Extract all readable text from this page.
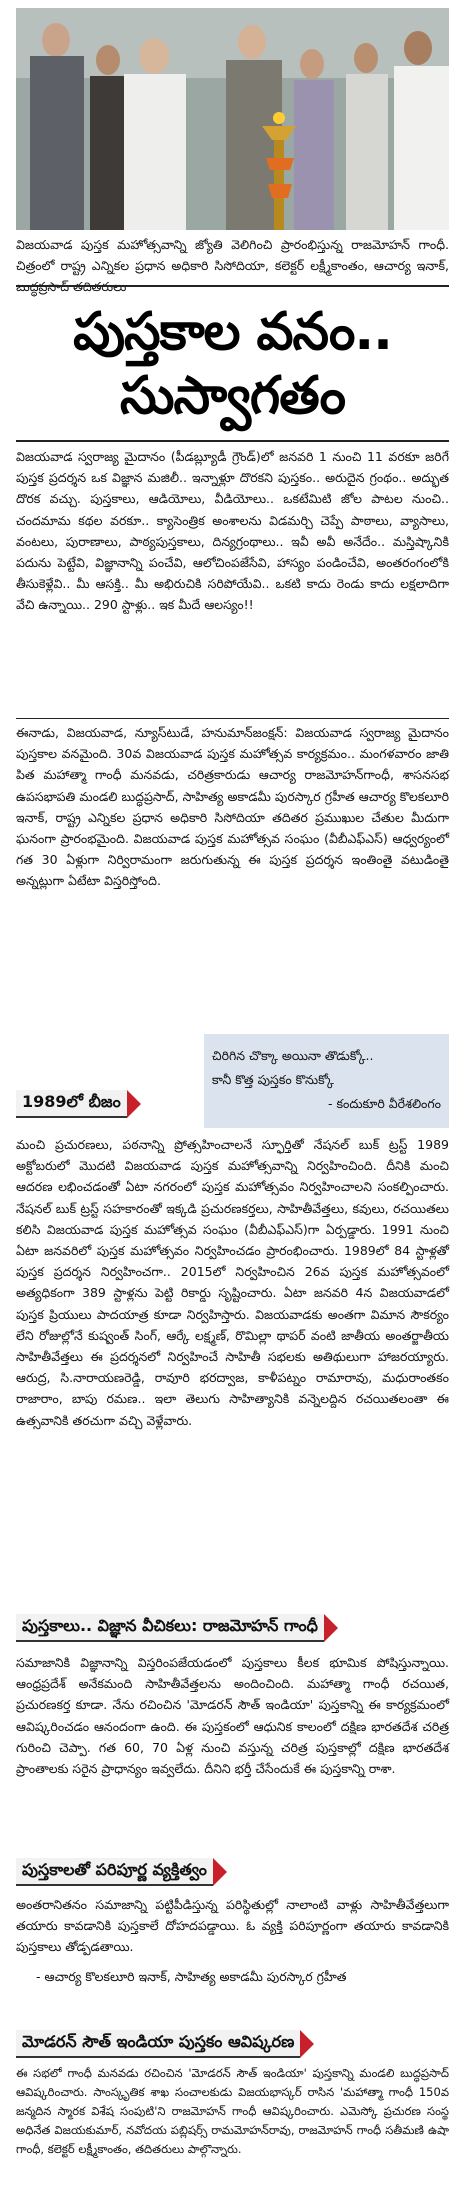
విజయవాడ పుస్తక మహోత్సవాన్ని జ్యోతి వెలిగించి ప్రారంభిస్తున్న రాజమోహన్ గాంధీ. చిత్రంలో రాష్ట్ర ఎన్నికల ప్రధాన అధికారి సిసోదియా, కలెక్టర్ లక్ష్మీకాంతం, ఆచార్య ఇనాక్,
పుస్తకాల వనం..
సుస్వాగతం
విజయవాడ స్వరాజ్య మైదానం (పీడబ్ల్యూడీ గ్రౌండ్)లో జనవరి 1 నుంచి 11 వరకూ జరిగే పుస్తక ప్రదర్శన ఒక విజ్ఞాన మజిలీ.. ఇన్నాళ్లూ దొరకని పుస్తకం.. అరుదైన గ్రంథం.. అద్భుత దొరక వచ్చు. పుస్తకాలు, ఆడియోలు, వీడియోలు.. ఒకటేమిటి జోల పాటల నుంచి.. చందమామ కథల వరకూ.. క్యాసెంత్రిక అంశాలను విడమర్చి చెప్పే పాఠాలు, వ్యాసాలు, వంటలు, పురాణాలు, పాఠ్యపుస్తకాలు, దిన్యగ్రంథాలు.. ఇవీ అవీ అనేదేం.. మస్తిష్కానికి పదును పెట్టేవి, విజ్ఞానాన్ని పంచేవి, ఆలోచింపజేసేవి, హాస్యం పండించేవి, అంతరంగంలోకి తీసుకెళ్లేవి.. మీ ఆసక్తి.. మీ అభిరుచికి సరిపోయేవి.. ఒకటి కాదు రెండు కాదు లక్షలాదిగా వేచి ఉన్నాయి.. 290 స్టాళ్లు.. ఇక మీదే ఆలస్యం!!
ఈనాడు, విజయవాడ, న్యూస్‌టుడే, హనుమాన్‌జంక్షన్: విజయవాడ స్వరాజ్య మైదానం పుస్తకాల వనమైంది. 30వ విజయవాడ పుస్తక మహోత్సవ కార్యక్రమం.. మంగళవారం జాతి పిత మహాత్మా గాంధీ మనవడు, చరిత్రకారుడు ఆచార్య రాజమోహన్‌గాంధీ, శాసనసభ ఉపసభాపతి మండలి బుద్ధప్రసాద్, సాహిత్య అకాడమీ పురస్కార గ్రహీత ఆచార్య కొలకలూరి ఇనాక్, రాష్ట్ర ఎన్నికల ప్రధాన అధికారి సిసోదియా తదితర ప్రముఖుల చేతుల మీదుగా ఘనంగా ప్రారంభమైంది. విజయవాడ పుస్తక మహోత్సవ సంఘం (వీబీఎఫ్ఎస్) ఆధ్వర్యంలో గత 30 ఏళ్లుగా నిర్విరామంగా జరుగుతున్న ఈ పుస్తక ప్రదర్శన ఇంతింతై వటుడింతై అన్నట్లుగా ఏటేటా విస్తరిస్తోంది.
చిరిగిన చొక్కా అయినా తొడుక్కో..
కానీ కొత్త పుస్తకం కొనుక్కో
- కందుకూరి వీరేశలింగం
1989లో బీజం
మంచి ప్రచురణలు, పఠనాన్ని ప్రోత్సహించాలనే స్ఫూర్తితో నేషనల్ బుక్ ట్రస్ట్ 1989 అక్టోబరులో మొదటి విజయవాడ పుస్తక మహోత్సవాన్ని నిర్వహించింది. దీనికి మంచి ఆదరణ లభించడంతో ఏటా నగరంలో పుస్తక మహోత్సవం నిర్వహించాలని సంకల్పించారు. నేషనల్ బుక్ ట్రస్ట్ సహకారంతో ఇక్కడి ప్రచురణకర్తలు, సాహితీవేత్తలు, కవులు, రచయితలు కలిసి విజయవాడ పుస్తక మహోత్సవ సంఘం (వీబీఎఫ్ఎస్)గా ఏర్పడ్డారు. 1991 నుంచి ఏటా జనవరిలో పుస్తక మహోత్సవం నిర్వహించడం ప్రారంభించారు. 1989లో 84 స్టాళ్లతో పుస్తక ప్రదర్శన నిర్వహించగా.. 2015లో నిర్వహించిన 26వ పుస్తక మహోత్సవంలో అత్యధికంగా 389 స్టాళ్లను పెట్టి రికార్డు సృష్టించారు. ఏటా జనవరి 4న విజయవాడలో పుస్తక ప్రియులు పాదయాత్ర కూడా నిర్వహిస్తారు. విజయవాడకు అంతగా విమాన సౌకర్యం లేని రోజుల్లోనే కుష్వంత్ సింగ్, ఆర్కే లక్ష్మణ్, రొమిల్లా థాపర్ వంటి జాతీయ అంతర్జాతీయ సాహితీవేత్తలు ఈ ప్రదర్శనలో నిర్వహించే సాహితీ సభలకు అతిథులుగా హాజరయ్యారు. ఆరుద్ర, సి.నారాయణరెడ్డి, రావూరి భరద్వాజ, కాళీపట్నం రామారావు, మధురాంతకం రాజారాం, బాపు రమణ.. ఇలా తెలుగు సాహిత్యానికి వన్నెలద్దిన రచయితలంతా ఈ ఉత్సవానికి తరచుగా వచ్చి వెళ్లేవారు.
పుస్తకాలు.. విజ్ఞాన వీచికలు: రాజమోహన్ గాంధీ
సమాజానికి విజ్ఞానాన్ని విస్తరింపజేయడంలో పుస్తకాలు కీలక భూమిక పోషిస్తున్నాయి. ఆంధ్రప్రదేశ్ అనేకమంది సాహితీవేత్తలను అందించింది. మహాత్మా గాంధీ రచయిత, ప్రచురణకర్త కూడా. నేను రచించిన 'మోడరన్ సౌత్ ఇండియా' పుస్తకాన్ని ఈ కార్యక్రమంలో ఆవిష్కరించడం ఆనందంగా ఉంది. ఈ పుస్తకంలో ఆధునిక కాలంలో దక్షిణ భారతదేశ చరిత్ర గురించి చెప్పా. గత 60, 70 ఏళ్ల నుంచి వస్తున్న చరిత్ర పుస్తకాల్లో దక్షిణ భారతదేశ ప్రాంతాలకు సరైన ప్రాధాన్యం ఇవ్వలేదు. దీనిని భర్తీ చేసేందుకే ఈ పుస్తకాన్ని రాశా.
పుస్తకాలతో పరిపూర్ణ వ్యక్తిత్వం
అంతరానితనం సమాజాన్ని పట్టిపీడిస్తున్న పరిస్థితుల్లో నాలాంటి వాళ్లు సాహితీవేత్తలుగా తయారు కావడానికి పుస్తకాలే దోహదపడ్డాయి. ఓ వ్యక్తి పరిపూర్ణంగా తయారు కావడానికి పుస్తకాలు తోడ్పడతాయి.
- ఆచార్య కొలకలూరి ఇనాక్, సాహిత్య అకాడమీ పురస్కార గ్రహీత
మోడరన్ సౌత్ ఇండియా పుస్తకం ఆవిష్కరణ
ఈ సభలో గాంధీ మనవడు రచించిన 'మోడరన్ సౌత్ ఇండియా' పుస్తకాన్ని మండలి బుద్ధప్రసాద్ ఆవిష్కరించారు. సాంస్కృతిక శాఖ సంచాలకుడు విజయభాస్కర్ రాసిన 'మహాత్మా గాంధీ 150వ జన్మదిన స్మారక విశేష సంపుటి'ని రాజమోహన్ గాంధీ ఆవిష్కరించారు. ఎమెస్కో ప్రచురణ సంస్థ అధినేత విజయకుమార్, నవోదయ పబ్లిషర్స్ రామమోహన్‌రావు, రాజమోహన్ గాంధీ సతీమణి ఉషా గాంధీ, కలెక్టర్ లక్ష్మీకాంతం, తదితరులు పాల్గొన్నారు.
